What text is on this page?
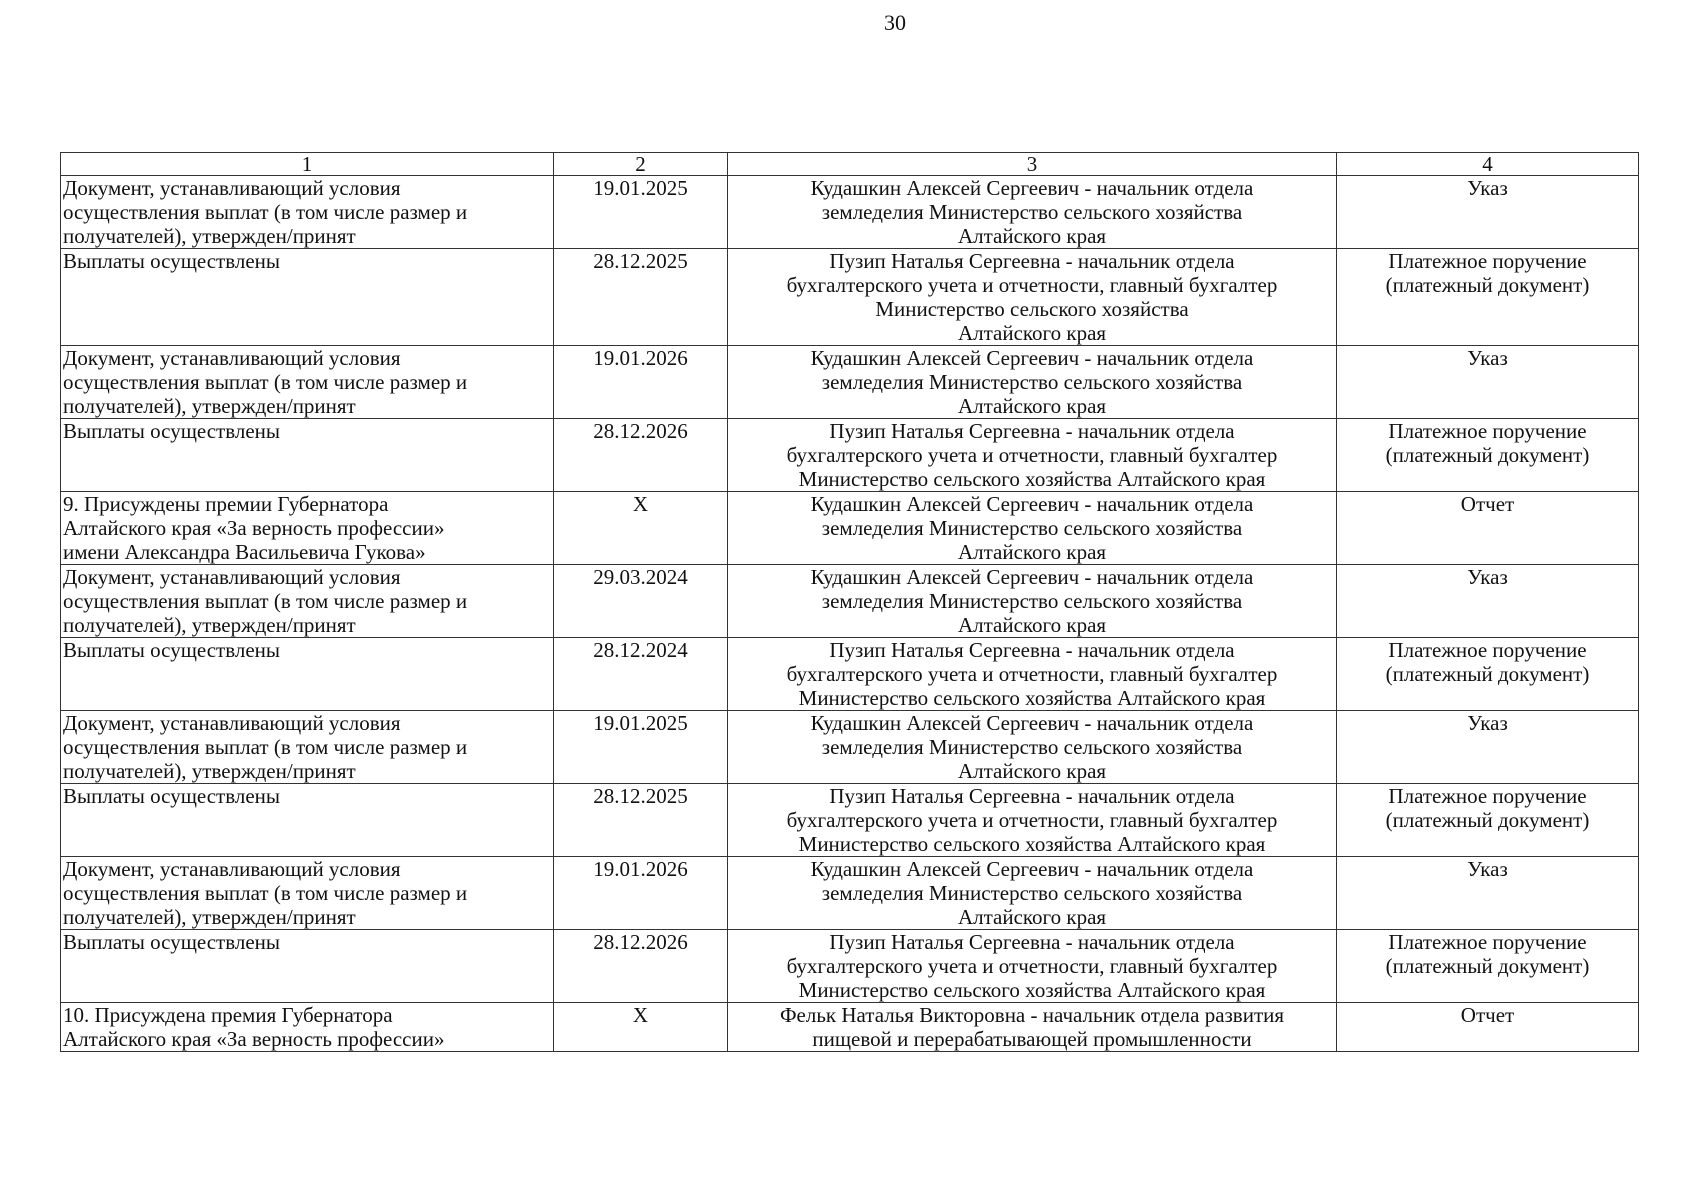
30
1	2	3	4

Документ, устанавливающий условия
осуществления выплат (в том числе размер и
получателей), утвержден/принят	19.01.2025	Кудашкин Алексей Сергеевич - начальник отдела
земледелия Министерство сельского хозяйства
Алтайского края	Указ

Выплаты осуществлены	28.12.2025	Пузип Наталья Сергеевна - начальник отдела
бухгалтерского учета и отчетности, главный бухгалтер
Министерство сельского хозяйства
Алтайского края	Платежное поручение
(платежный документ)

Документ, устанавливающий условия
осуществления выплат (в том числе размер и
получателей), утвержден/принят	19.01.2026	Кудашкин Алексей Сергеевич - начальник отдела
земледелия Министерство сельского хозяйства
Алтайского края	Указ

Выплаты осуществлены	28.12.2026	Пузип Наталья Сергеевна - начальник отдела
бухгалтерского учета и отчетности, главный бухгалтер
Министерство сельского хозяйства Алтайского края	Платежное поручение
(платежный документ)

9. Присуждены премии Губернатора
Алтайского края «За верность профессии»
имени Александра Васильевича Гукова»	X	Кудашкин Алексей Сергеевич - начальник отдела
земледелия Министерство сельского хозяйства
Алтайского края	Отчет

Документ, устанавливающий условия
осуществления выплат (в том числе размер и
получателей), утвержден/принят	29.03.2024	Кудашкин Алексей Сергеевич - начальник отдела
земледелия Министерство сельского хозяйства
Алтайского края	Указ

Выплаты осуществлены	28.12.2024	Пузип Наталья Сергеевна - начальник отдела
бухгалтерского учета и отчетности, главный бухгалтер
Министерство сельского хозяйства Алтайского края	Платежное поручение
(платежный документ)

Документ, устанавливающий условия
осуществления выплат (в том числе размер и
получателей), утвержден/принят	19.01.2025	Кудашкин Алексей Сергеевич - начальник отдела
земледелия Министерство сельского хозяйства
Алтайского края	Указ

Выплаты осуществлены	28.12.2025	Пузип Наталья Сергеевна - начальник отдела
бухгалтерского учета и отчетности, главный бухгалтер
Министерство сельского хозяйства Алтайского края	Платежное поручение
(платежный документ)

Документ, устанавливающий условия
осуществления выплат (в том числе размер и
получателей), утвержден/принят	19.01.2026	Кудашкин Алексей Сергеевич - начальник отдела
земледелия Министерство сельского хозяйства
Алтайского края	Указ

Выплаты осуществлены	28.12.2026	Пузип Наталья Сергеевна - начальник отдела
бухгалтерского учета и отчетности, главный бухгалтер
Министерство сельского хозяйства Алтайского края	Платежное поручение
(платежный документ)

10. Присуждена премия Губернатора
Алтайского края «За верность профессии»	X	Фельк Наталья Викторовна - начальник отдела развития
пищевой и перерабатывающей промышленности	Отчет
